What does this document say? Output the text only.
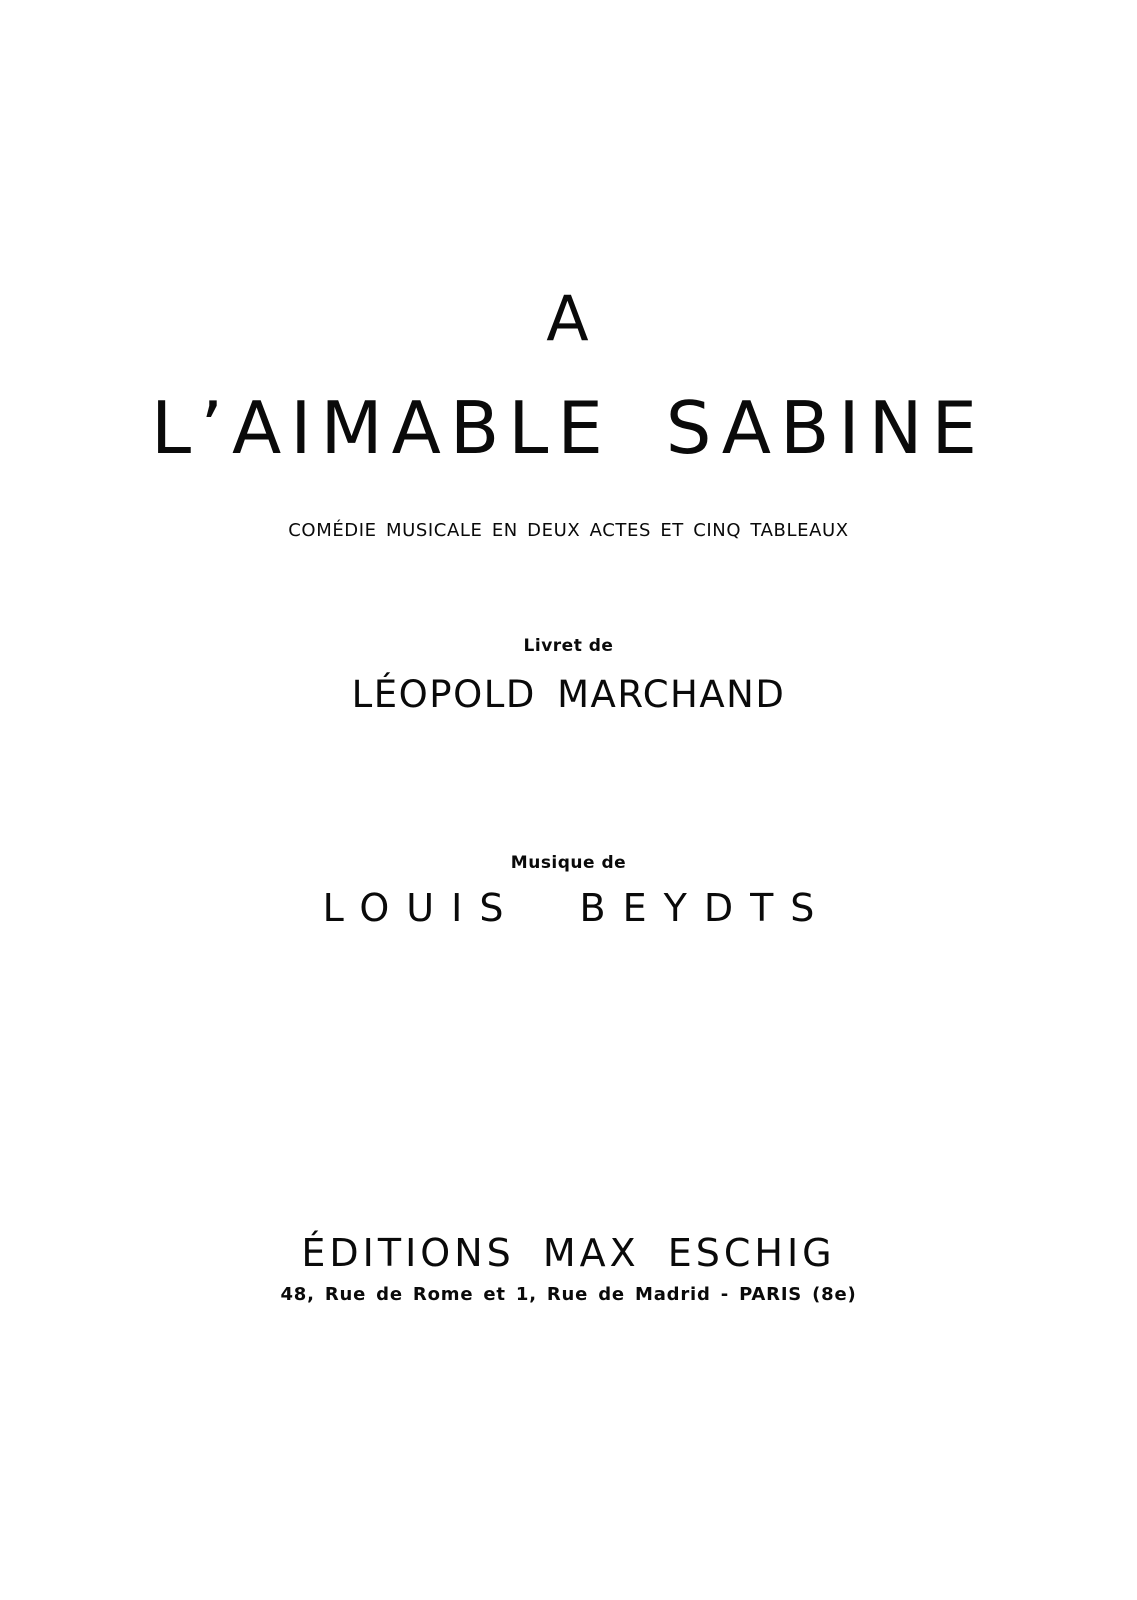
A
L’AIMABLE SABINE
COMÉDIE MUSICALE EN DEUX ACTES ET CINQ TABLEAUX
Livret de
LÉOPOLD MARCHAND
Musique de
LOUIS BEYDTS
ÉDITIONS MAX ESCHIG
48, Rue de Rome et 1, Rue de Madrid - PARIS (8e)
